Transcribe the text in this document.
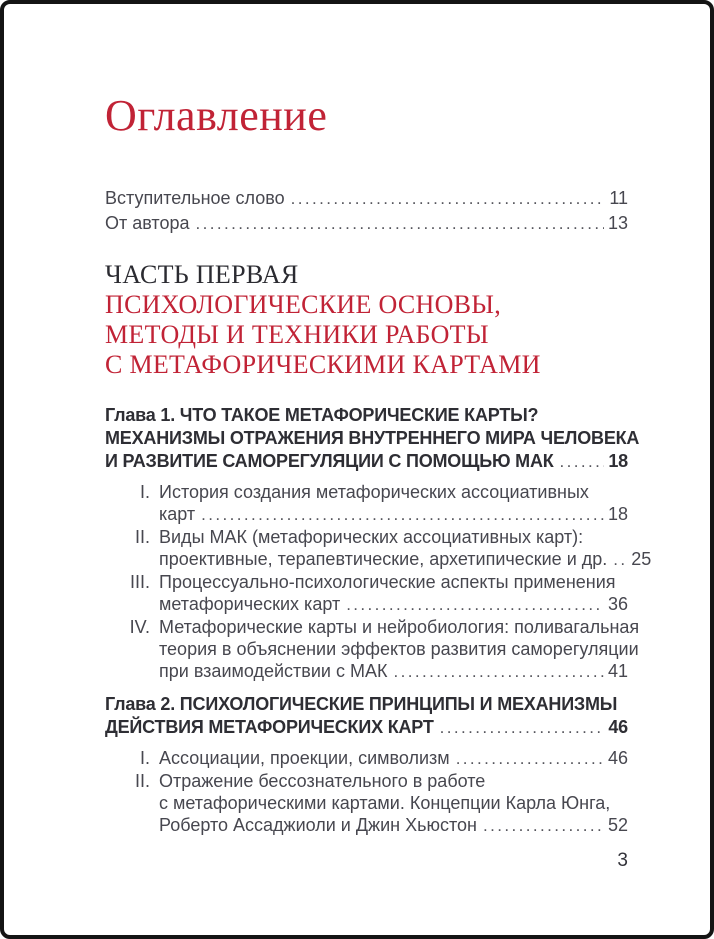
Оглавление
Вступительное слово .....	11
От автора .....	13
ЧАСТЬ ПЕРВАЯ
ПСИХОЛОГИЧЕСКИЕ ОСНОВЫ,
МЕТОДЫ И ТЕХНИКИ РАБОТЫ
С МЕТАФОРИЧЕСКИМИ КАРТАМИ
Глава 1. ЧТО ТАКОЕ МЕТАФОРИЧЕСКИЕ КАРТЫ?
МЕХАНИЗМЫ ОТРАЖЕНИЯ ВНУТРЕННЕГО МИРА ЧЕЛОВЕКА
И РАЗВИТИЕ САМОРЕГУЛЯЦИИ С ПОМОЩЬЮ МАК .....	18
I. История создания метафорических ассоциативных
карт .....	18
II. Виды МАК (метафорических ассоциативных карт):
проективные, терапевтические, архетипические и др. ..... 25
III. Процессуально-психологические аспекты применения
метафорических карт .....	36
IV. Метафорические карты и нейробиология: поливагальная
теория в объяснении эффектов развития саморегуляции
при взаимодействии с МАК .....	41
Глава 2. ПСИХОЛОГИЧЕСКИЕ ПРИНЦИПЫ И МЕХАНИЗМЫ
ДЕЙСТВИЯ МЕТАФОРИЧЕСКИХ КАРТ .....	46
I. Ассоциации, проекции, символизм .....	46
II. Отражение бессознательного в работе
с метафорическими картами. Концепции Карла Юнга,
Роберто Ассаджиоли и Джин Хьюстон .....	52
3
